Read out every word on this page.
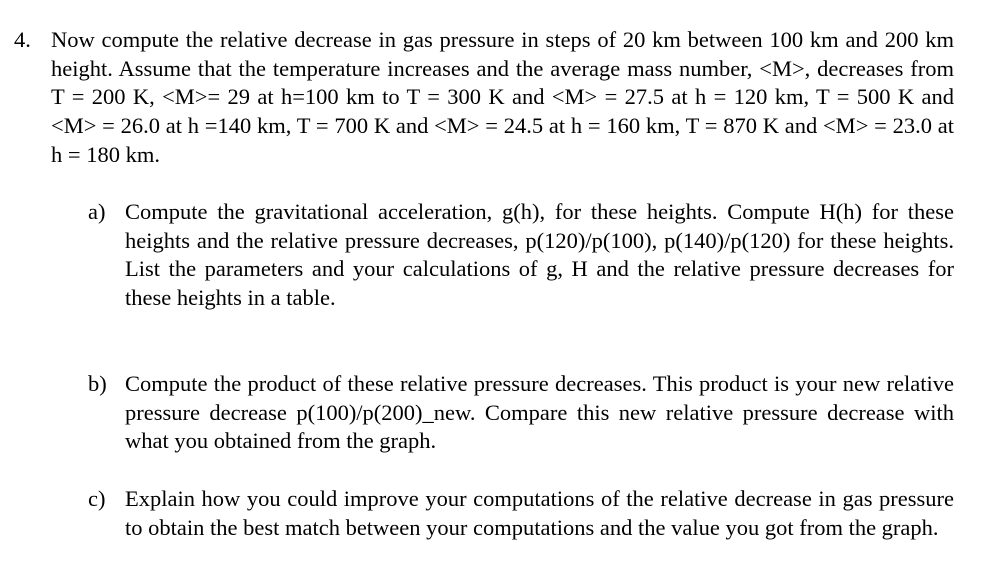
4. Now compute the relative decrease in gas pressure in steps of 20 km between 100 km and 200 km height. Assume that the temperature increases and the average mass number, <M>, decreases from T = 200 K, <M>= 29 at h=100 km to T = 300 K and <M> = 27.5 at h = 120 km, T = 500 K and <M> = 26.0 at h =140 km, T = 700 K and <M> = 24.5 at h = 160 km, T = 870 K and <M> = 23.0 at h = 180 km.

a) Compute the gravitational acceleration, g(h), for these heights. Compute H(h) for these heights and the relative pressure decreases, p(120)/p(100), p(140)/p(120) for these heights. List the parameters and your calculations of g, H and the relative pressure decreases for these heights in a table.

b) Compute the product of these relative pressure decreases. This product is your new relative pressure decrease p(100)/p(200)_new. Compare this new relative pressure decrease with what you obtained from the graph.

c) Explain how you could improve your computations of the relative decrease in gas pressure to obtain the best match between your computations and the value you got from the graph.
